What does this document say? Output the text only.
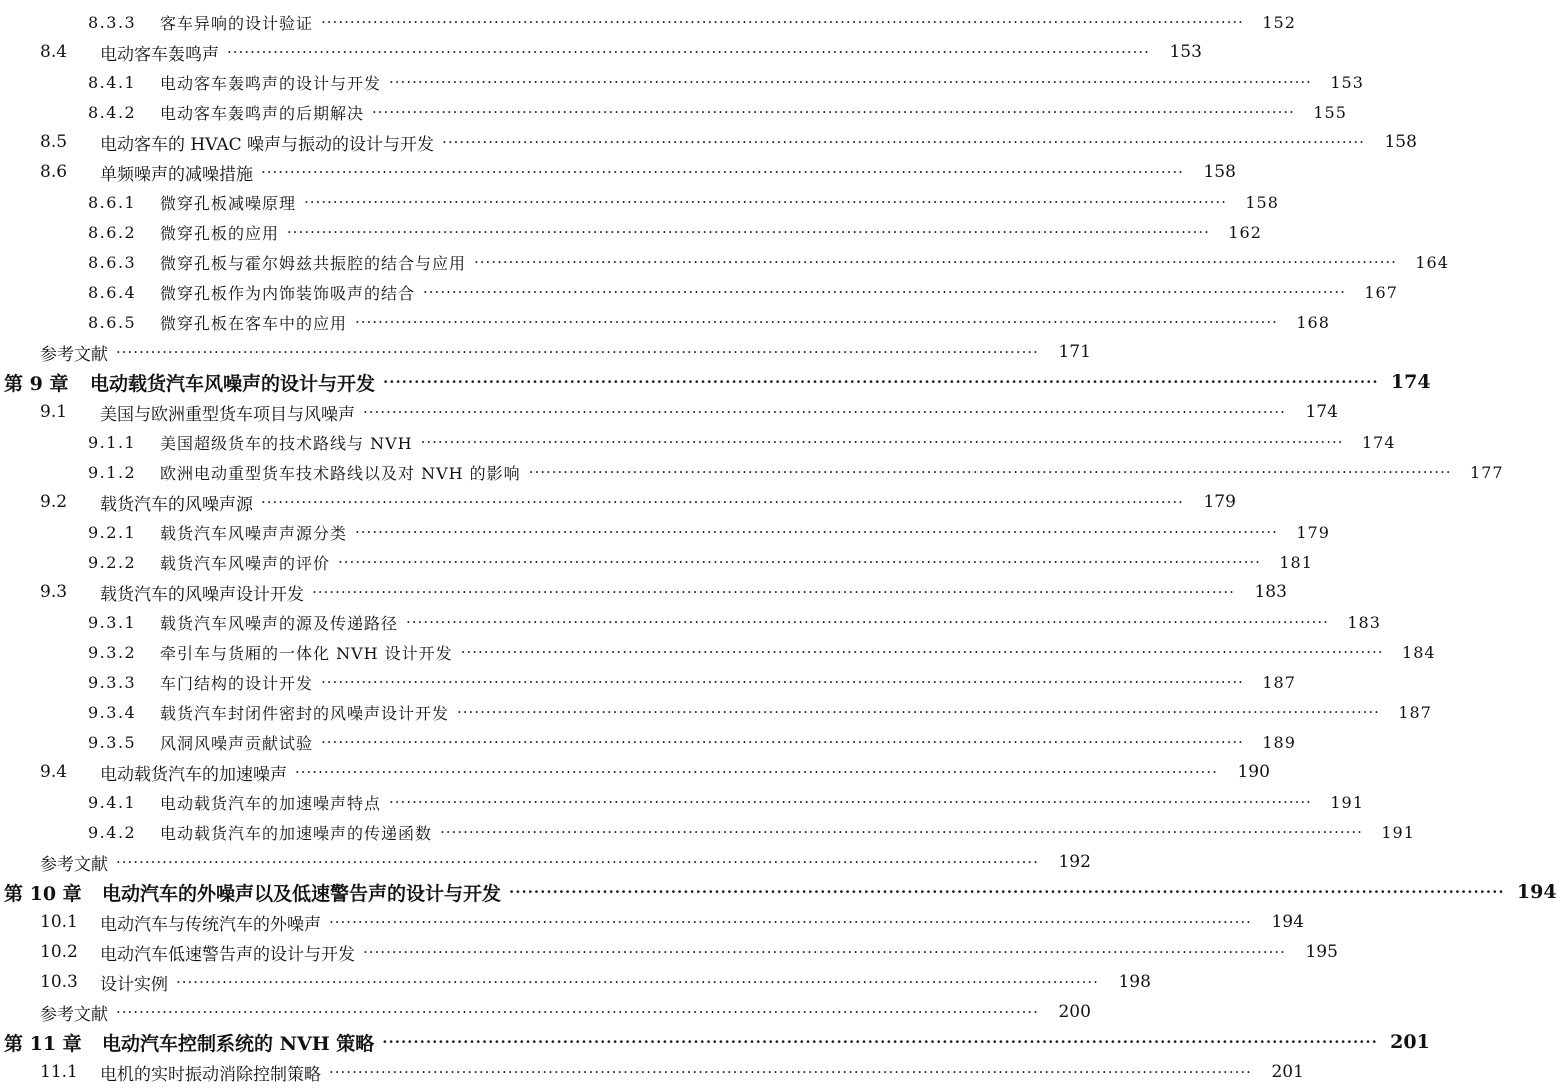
8.3.3	客车异响的设计验证 ································································································································································	152
8.4	电动客车轰鸣声 ································································································································································	153
8.4.1	电动客车轰鸣声的设计与开发 ································································································································································	153
8.4.2	电动客车轰鸣声的后期解决 ································································································································································	155
8.5	电动客车的 HVAC 噪声与振动的设计与开发 ································································································································································	158
8.6	单频噪声的减噪措施 ································································································································································	158
8.6.1	微穿孔板减噪原理 ································································································································································	158
8.6.2	微穿孔板的应用 ································································································································································	162
8.6.3	微穿孔板与霍尔姆兹共振腔的结合与应用 ································································································································································	164
8.6.4	微穿孔板作为内饰装饰吸声的结合 ································································································································································	167
8.6.5	微穿孔板在客车中的应用 ································································································································································	168
参考文献 ································································································································································	171
第 9 章	电动载货汽车风噪声的设计与开发 ································································································································································ 174
9.1	美国与欧洲重型货车项目与风噪声 ································································································································································	174
9.1.1	美国超级货车的技术路线与 NVH ································································································································································	174
9.1.2	欧洲电动重型货车技术路线以及对 NVH 的影响 ································································································································································	177
9.2	载货汽车的风噪声源 ································································································································································	179
9.2.1	载货汽车风噪声声源分类 ································································································································································	179
9.2.2	载货汽车风噪声的评价 ································································································································································	181
9.3	载货汽车的风噪声设计开发 ································································································································································	183
9.3.1	载货汽车风噪声的源及传递路径 ································································································································································	183
9.3.2	牵引车与货厢的一体化 NVH 设计开发 ································································································································································	184
9.3.3	车门结构的设计开发 ································································································································································	187
9.3.4	载货汽车封闭件密封的风噪声设计开发 ································································································································································	187
9.3.5	风洞风噪声贡献试验 ································································································································································	189
9.4	电动载货汽车的加速噪声 ································································································································································	190
9.4.1	电动载货汽车的加速噪声特点 ································································································································································	191
9.4.2	电动载货汽车的加速噪声的传递函数 ································································································································································	191
参考文献 ································································································································································	192
第 10 章	电动汽车的外噪声以及低速警告声的设计与开发 ································································································································································ 194
10.1	电动汽车与传统汽车的外噪声 ································································································································································	194
10.2	电动汽车低速警告声的设计与开发 ································································································································································	195
10.3	设计实例 ································································································································································	198
参考文献 ································································································································································	200
第 11 章	电动汽车控制系统的 NVH 策略 ································································································································································ 201
11.1	电机的实时振动消除控制策略 ································································································································································	201
